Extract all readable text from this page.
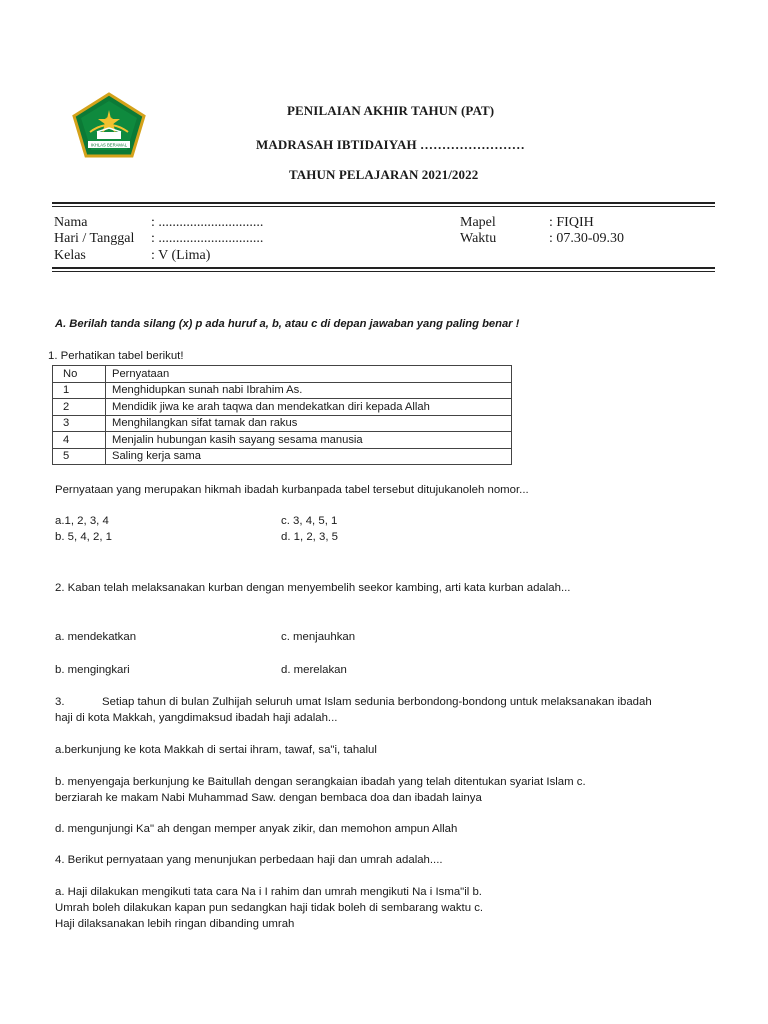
IKHLAS BERAMAL
PENILAIAN AKHIR TAHUN (PAT)
MADRASAH IBTIDAIYAH ……………………
TAHUN PELAJARAN 2021/2022
Nama	: ..............................
Hari / Tanggal : ..............................
Kelas	: V (Lima)
Mapel	: FIQIH
Waktu	: 07.30-09.30
A. Berilah tanda silang (x) p ada huruf a, b, atau c di depan jawaban yang paling benar !
1. Perhatikan tabel berikut!
No	Pernyataan
1	Menghidupkan sunah nabi Ibrahim As.
2	Mendidik jiwa ke arah taqwa dan mendekatkan diri kepada Allah
3	Menghilangkan sifat tamak dan rakus
4	Menjalin hubungan kasih sayang sesama manusia
5	Saling kerja sama
Pernyataan yang merupakan hikmah ibadah kurbanpada tabel tersebut ditujukanoleh nomor...
a.1, 2, 3, 4
b. 5, 4, 2, 1
c. 3, 4, 5, 1
d. 1, 2, 3, 5
2. Kaban telah melaksanakan kurban dengan menyembelih seekor kambing, arti kata kurban adalah...
a. mendekatkan	c. menjauhkan
b. mengingkari	d. merelakan
3.	Setiap tahun di bulan Zulhijah seluruh umat Islam sedunia berbondong-bondong untuk melaksanakan ibadah
haji di kota Makkah, yangdimaksud ibadah haji adalah...
a.berkunjung ke kota Makkah di sertai ihram, tawaf, sa"i, tahalul
b. menyengaja berkunjung ke Baitullah dengan serangkaian ibadah yang telah ditentukan syariat Islam c.
berziarah ke makam Nabi Muhammad Saw. dengan bembaca doa dan ibadah lainya
d. mengunjungi Ka" ah dengan memper anyak zikir, dan memohon ampun Allah
4. Berikut pernyataan yang menunjukan perbedaan haji dan umrah adalah....
a. Haji dilakukan mengikuti tata cara Na i I rahim dan umrah mengikuti Na i Isma"il b.
Umrah boleh dilakukan kapan pun sedangkan haji tidak boleh di sembarang waktu c.
Haji dilaksanakan lebih ringan dibanding umrah
